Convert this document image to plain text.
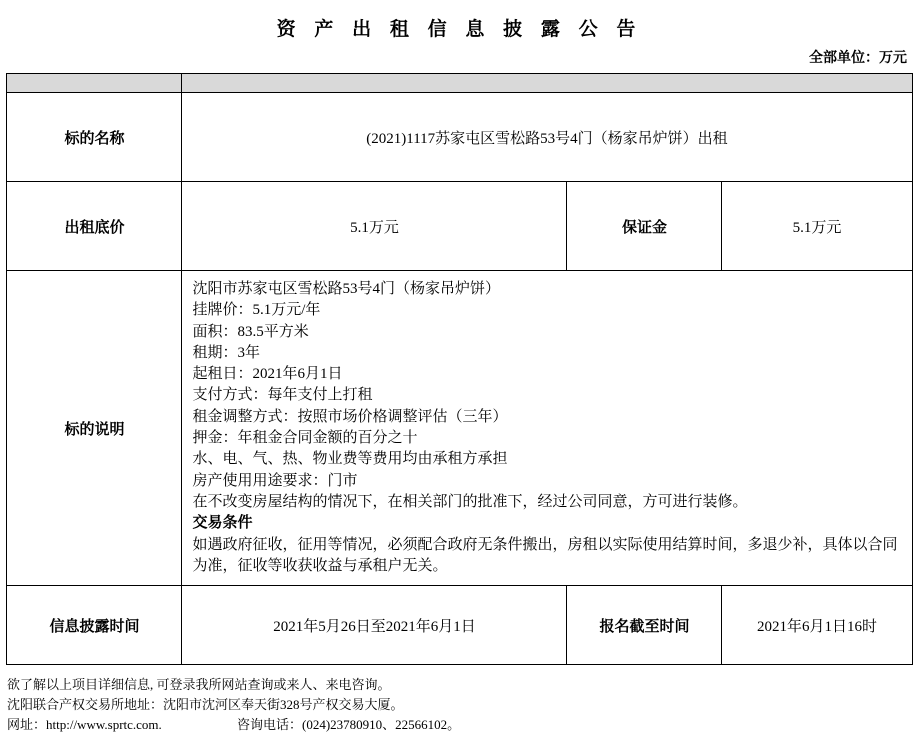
资 产 出 租 信 息 披 露 公 告
全部单位：万元

标的名称	(2021)1117苏家屯区雪松路53号4门（杨家吊炉饼）出租		
出租底价	5.1万元	保证金	5.1万元
标的说明	
沈阳市苏家屯区雪松路53号4门（杨家吊炉饼）
挂牌价：5.1万元/年
面积：83.5平方米
租期：3年
起租日：2021年6月1日
支付方式：每年支付上打租
租金调整方式：按照市场价格调整评估（三年）
押金：年租金合同金额的百分之十
水、电、气、热、物业费等费用均由承租方承担
房产使用用途要求：门市
在不改变房屋结构的情况下，在相关部门的批准下，经过公司同意，方可进行装修。
交易条件
如遇政府征收，征用等情况，必须配合政府无条件搬出，房租以实际使用结算时间，多退少补，具体以合同为准，征收等收获收益与承租户无关。

信息披露时间	2021年5月26日至2021年6月1日	报名截至时间	2021年6月1日16时
欲了解以上项目详细信息, 可登录我所网站查询或来人、来电咨询。
沈阳联合产权交易所地址：沈阳市沈河区奉天街328号产权交易大厦。
网址：http://www.sprtc.com.	咨询电话：(024)23780910、22566102。
